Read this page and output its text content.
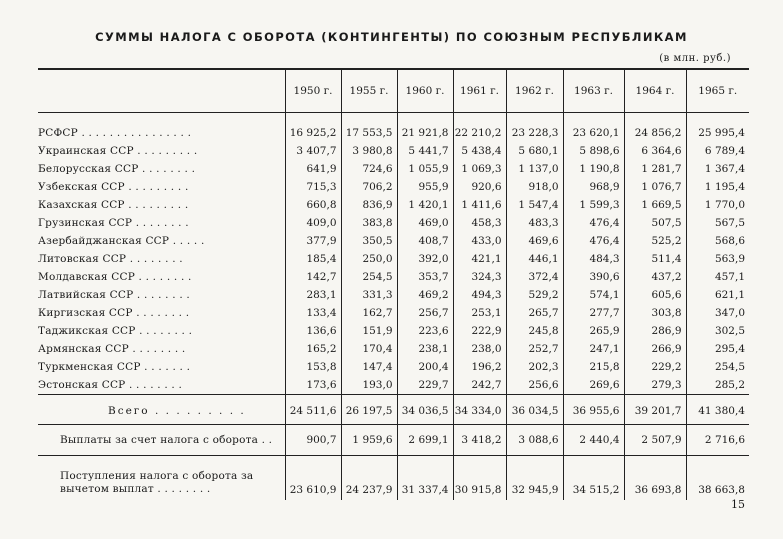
СУММЫ НАЛОГА С ОБОРОТА (КОНТИНГЕНТЫ) ПО СОЮЗНЫМ РЕСПУБЛИКАМ
(в млн. руб.)
	1950 г.	1955 г.	1960 г.	1961 г.	1962 г.	1963 г.	1964 г.	1965 г.
РСФСР . . . . . . . . . . . . . . . .	16 925,2	17 553,5	21 921,8	22 210,2	23 228,3	23 620,1	24 856,2	25 995,4
Украинская ССР . . . . . . . . .	3 407,7	3 980,8	5 441,7	5 438,4	5 680,1	5 898,6	6 364,6	6 789,4
Белорусская ССР . . . . . . . .	641,9	724,6	1 055,9	1 069,3	1 137,0	1 190,8	1 281,7	1 367,4
Узбекская ССР . . . . . . . . .	715,3	706,2	955,9	920,6	918,0	968,9	1 076,7	1 195,4
Казахская ССР . . . . . . . . .	660,8	836,9	1 420,1	1 411,6	1 547,4	1 599,3	1 669,5	1 770,0
Грузинская ССР . . . . . . . .	409,0	383,8	469,0	458,3	483,3	476,4	507,5	567,5
Азербайджанская ССР . . . . .	377,9	350,5	408,7	433,0	469,6	476,4	525,2	568,6
Литовская ССР . . . . . . . .	185,4	250,0	392,0	421,1	446,1	484,3	511,4	563,9
Молдавская ССР . . . . . . . .	142,7	254,5	353,7	324,3	372,4	390,6	437,2	457,1
Латвийская ССР . . . . . . . .	283,1	331,3	469,2	494,3	529,2	574,1	605,6	621,1
Киргизская ССР . . . . . . . .	133,4	162,7	256,7	253,1	265,7	277,7	303,8	347,0
Таджикская ССР . . . . . . . .	136,6	151,9	223,6	222,9	245,8	265,9	286,9	302,5
Армянская ССР . . . . . . . .	165,2	170,4	238,1	238,0	252,7	247,1	266,9	295,4
Туркменская ССР . . . . . . .	153,8	147,4	200,4	196,2	202,3	215,8	229,2	254,5
Эстонская ССР . . . . . . . .	173,6	193,0	229,7	242,7	256,6	269,6	279,3	285,2
Всего . . . . . . . . .	24 511,6	26 197,5	34 036,5	34 334,0	36 034,5	36 955,6	39 201,7	41 380,4
Выплаты за счет налога с оборота . .	900,7	1 959,6	2 699,1	3 418,2	3 088,6	2 440,4	2 507,9	2 716,6
Поступления налога с оборота за вычетом выплат . . . . . . . .	23 610,9	24 237,9	31 337,4	30 915,8	32 945,9	34 515,2	36 693,8	38 663,8
15
